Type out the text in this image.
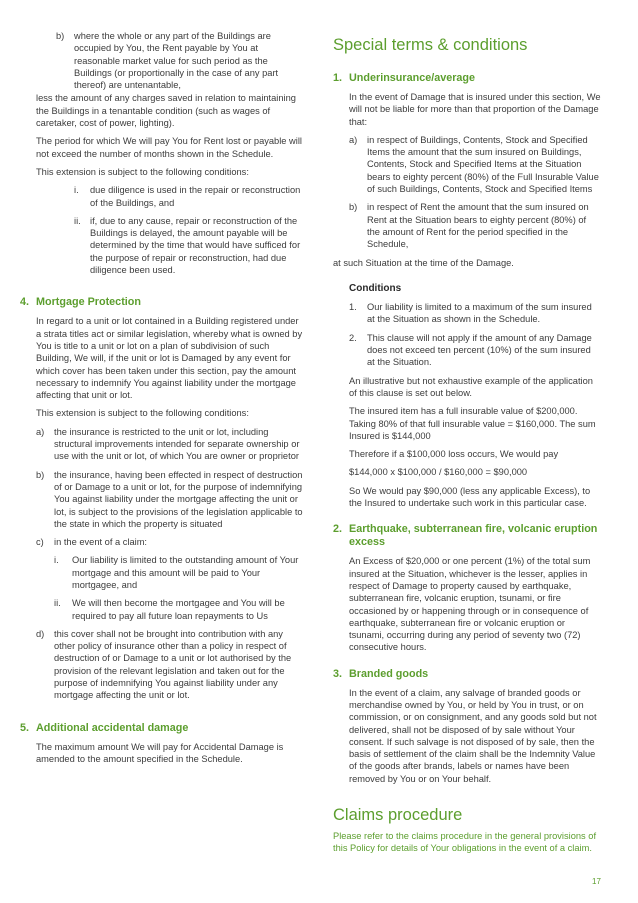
b)	where the whole or any part of the Buildings are occupied by You, the Rent payable by You at reasonable market value for such period as the Buildings (or proportionally in the case of any part thereof) are untenantable,

less the amount of any charges saved in relation to maintaining the Buildings in a tenantable condition (such as wages of caretaker, cost of power, lighting).

The period for which We will pay You for Rent lost or payable will not exceed the number of months shown in the Schedule.

This extension is subject to the following conditions:

i.	due diligence is used in the repair or reconstruction of the Buildings, and
ii. if, due to any cause, repair or reconstruction of the Buildings is delayed, the amount payable will be determined by the time that would have sufficed for the purpose of repair or reconstruction, had due diligence been used.
4. Mortgage Protection

In regard to a unit or lot contained in a Building registered under a strata titles act or similar legislation, whereby what is owned by You is title to a unit or lot on a plan of subdivision of such Building, We will, if the unit or lot is Damaged by any event for which cover has been taken under this section, pay the amount necessary to indemnify You against liability under the mortgage affecting that unit or lot.

This extension is subject to the following conditions:

a)	the insurance is restricted to the unit or lot, including structural improvements intended for separate ownership or use with the unit or lot, of which You are owner or proprietor
b)	the insurance, having been effected in respect of destruction of or Damage to a unit or lot, for the purpose of indemnifying You against liability under the mortgage affecting the unit or lot, is subject to the provisions of the legislation applicable to the state in which the property is situated
c)	in the event of a claim:
i.	Our liability is limited to the outstanding amount of Your mortgage and this amount will be paid to Your mortgagee, and
ii.	We will then become the mortgagee and You will be required to pay all future loan repayments to Us
d)	this cover shall not be brought into contribution with any other policy of insurance other than a policy in respect of destruction of or Damage to a unit or lot authorised by the provision of the relevant legislation and taken out for the purpose of indemnifying You against liability under any mortgage affecting the unit or lot.
5. Additional accidental damage

The maximum amount We will pay for Accidental Damage is amended to the amount specified in the Schedule.

Special terms & conditions

1. Underinsurance/average

In the event of Damage that is insured under this section, We will not be liable for more than that proportion of the Damage that:

a)	in respect of Buildings, Contents, Stock and Specified Items the amount that the sum insured on Buildings, Contents, Stock and Specified Items at the Situation bears to eighty percent (80%) of the Full Insurable Value of such Buildings, Contents, Stock and Specified Items
b)	in respect of Rent the amount that the sum insured on Rent at the Situation bears to eighty percent (80%) of the amount of Rent for the period specified in the Schedule,

at such Situation at the time of the Damage.

Conditions

1.	Our liability is limited to a maximum of the sum insured at the Situation as shown in the Schedule.
2.	This clause will not apply if the amount of any Damage does not exceed ten percent (10%) of the sum insured at the Situation.

An illustrative but not exhaustive example of the application of this clause is set out below.

The insured item has a full insurable value of $200,000. Taking 80% of that full insurable value = $160,000. The sum Insured is $144,000

Therefore if a $100,000 loss occurs, We would pay

$144,000 x $100,000 / $160,000 = $90,000

So We would pay $90,000 (less any applicable Excess), to the Insured to undertake such work in this particular case.

2. Earthquake, subterranean fire, volcanic eruption excess

An Excess of $20,000 or one percent (1%) of the total sum insured at the Situation, whichever is the lesser, applies in respect of Damage to property caused by earthquake, subterranean fire, volcanic eruption, tsunami, or fire occasioned by or happening through or in consequence of earthquake, subterranean fire or volcanic eruption or tsunami, occurring during any period of seventy two (72) consecutive hours.

3. Branded goods

In the event of a claim, any salvage of branded goods or merchandise owned by You, or held by You in trust, or on commission, or on consignment, and any goods sold but not delivered, shall not be disposed of by sale without Your consent. If such salvage is not disposed of by sale, then the basis of settlement of the claim shall be the Indemnity Value of the goods after brands, labels or names have been removed by You or on Your behalf.

Claims procedure

Please refer to the claims procedure in the general provisions of this Policy for details of Your obligations in the event of a claim.

17
